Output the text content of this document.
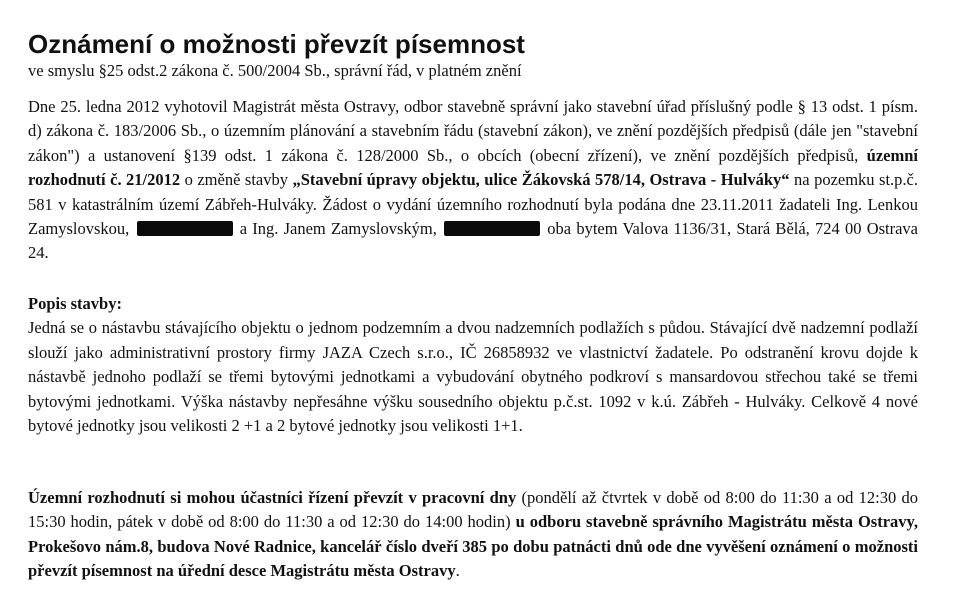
Oznámení o možnosti převzít písemnost
ve smyslu §25 odst.2 zákona č. 500/2004 Sb., správní řád, v platném znění

Dne 25. ledna 2012 vyhotovil Magistrát města Ostravy, odbor stavebně správní jako stavební úřad příslušný podle § 13 odst. 1 písm. d) zákona č. 183/2006 Sb., o územním plánování a stavebním řádu (stavební zákon), ve znění pozdějších předpisů (dále jen "stavební zákon") a ustanovení §139 odst. 1 zákona č. 128/2000 Sb., o obcích (obecní zřízení), ve znění pozdějších předpisů, územní rozhodnutí č. 21/2012 o změně stavby „Stavební úpravy objektu, ulice Žákovská 578/14, Ostrava - Hulváky“ na pozemku st.p.č. 581 v katastrálním území Zábřeh-Hulváky. Žádost o vydání územního rozhodnutí byla podána dne 23.11.2011 žadateli Ing. Lenkou Zamyslovskou,	a Ing. Janem Zamyslovským,	oba bytem Valova 1136/31, Stará Bělá, 724 00 Ostrava 24.

Popis stavby:
Jedná se o nástavbu stávajícího objektu o jednom podzemním a dvou nadzemních podlažích s půdou. Stávající dvě nadzemní podlaží slouží jako administrativní prostory firmy JAZA Czech s.r.o., IČ 26858932 ve vlastnictví žadatele. Po odstranění krovu dojde k nástavbě jednoho podlaží se třemi bytovými jednotkami a vybudování obytného podkroví s mansardovou střechou také se třemi bytovými jednotkami. Výška nástavby nepřesáhne výšku sousedního objektu p.č.st. 1092 v k.ú. Zábřeh - Hulváky. Celkově 4 nové bytové jednotky jsou velikosti 2 +1 a 2 bytové jednotky jsou velikosti 1+1.

Územní rozhodnutí si mohou účastníci řízení převzít v pracovní dny (pondělí až čtvrtek v době od 8:00 do 11:30 a od 12:30 do 15:30 hodin, pátek v době od 8:00 do 11:30 a od 12:30 do 14:00 hodin) u odboru stavebně správního Magistrátu města Ostravy, Prokešovo nám.8, budova Nové Radnice, kancelář číslo dveří 385 po dobu patnácti dnů ode dne vyvěšení oznámení o možnosti převzít písemnost na úřední desce Magistrátu města Ostravy.
